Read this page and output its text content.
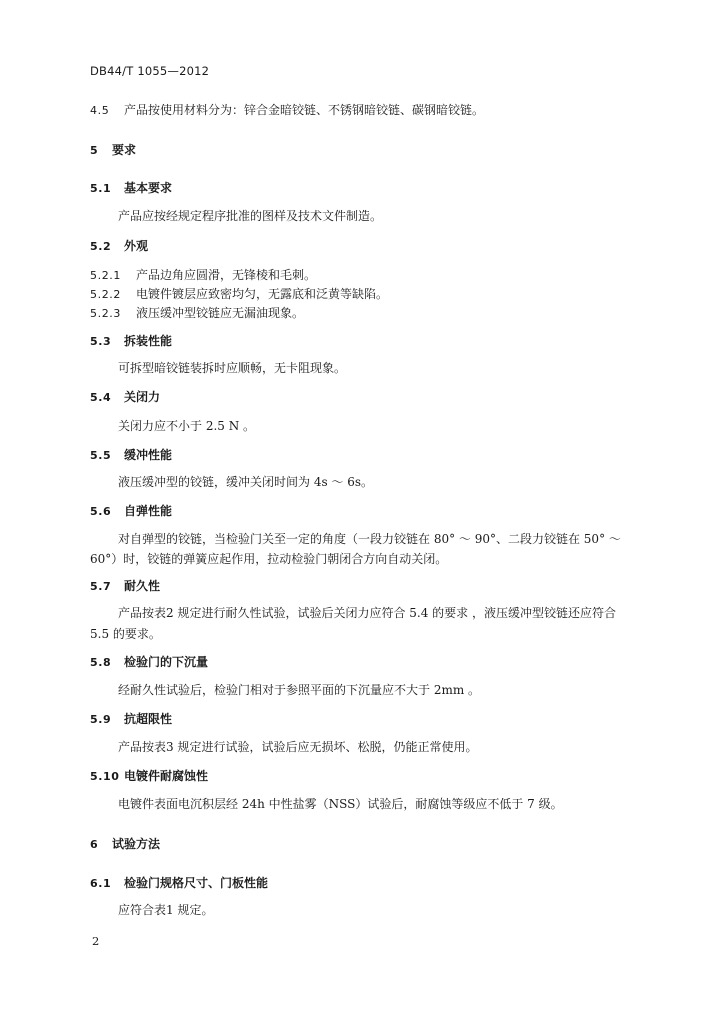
DB44/T 1055—2012
4.5 产品按使用材料分为：锌合金暗铰链、不锈钢暗铰链、碳钢暗铰链。
5 要求
5.1 基本要求
产品应按经规定程序批准的图样及技术文件制造。
5.2 外观
5.2.1 产品边角应圆滑，无锋棱和毛刺。
5.2.2 电镀件镀层应致密均匀，无露底和泛黄等缺陷。
5.2.3 液压缓冲型铰链应无漏油现象。
5.3 拆装性能
可拆型暗铰链装拆时应顺畅，无卡阻现象。
5.4 关闭力
关闭力应不小于 2.5 N 。
5.5 缓冲性能
液压缓冲型的铰链，缓冲关闭时间为 4s ～ 6s。
5.6 自弹性能
对自弹型的铰链，当检验门关至一定的角度（一段力铰链在 80° ～ 90°、二段力铰链在 50° ～
60°）时，铰链的弹簧应起作用，拉动检验门朝闭合方向自动关闭。
5.7 耐久性
产品按表2 规定进行耐久性试验，试验后关闭力应符合 5.4 的要求 ，液压缓冲型铰链还应符合
5.5 的要求。
5.8 检验门的下沉量
经耐久性试验后，检验门相对于参照平面的下沉量应不大于 2mm 。
5.9 抗超限性
产品按表3 规定进行试验，试验后应无损坏、松脱，仍能正常使用。
5.10 电镀件耐腐蚀性
电镀件表面电沉积层经 24h 中性盐雾（NSS）试验后，耐腐蚀等级应不低于 7 级。
6 试验方法
6.1 检验门规格尺寸、门板性能
应符合表1 规定。
2
